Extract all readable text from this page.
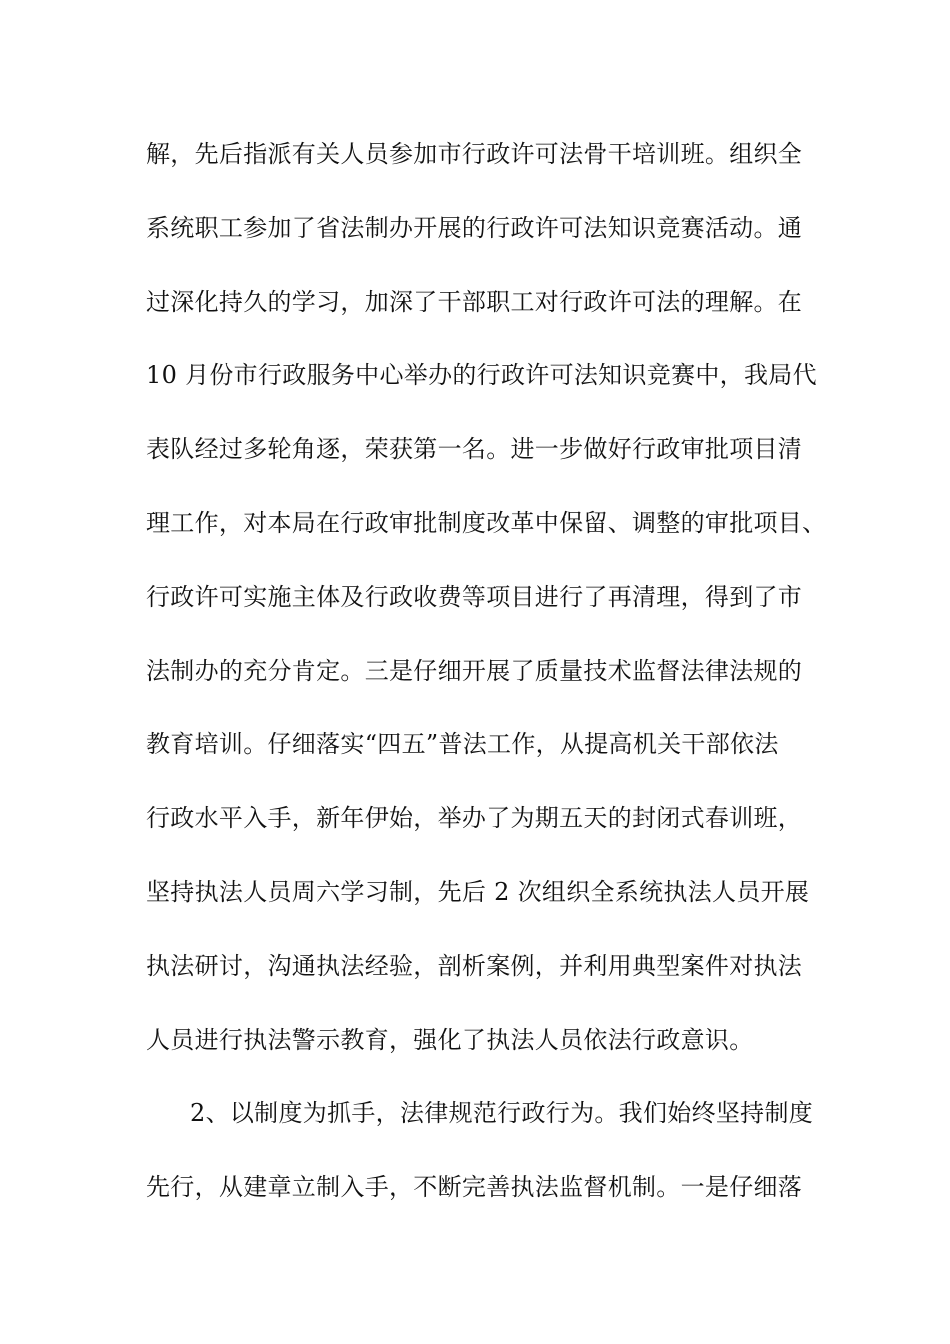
解，先后指派有关人员参加市行政许可法骨干培训班。组织全
系统职工参加了省法制办开展的行政许可法知识竞赛活动。通
过深化持久的学习，加深了干部职工对行政许可法的理解。在
10 月份市行政服务中心举办的行政许可法知识竞赛中，我局代
表队经过多轮角逐，荣获第一名。进一步做好行政审批项目清
理工作，对本局在行政审批制度改革中保留、调整的审批项目、
行政许可实施主体及行政收费等项目进行了再清理，得到了市
法制办的充分肯定。三是仔细开展了质量技术监督法律法规的
教育培训。仔细落实“四五”普法工作，从提高机关干部依法
行政水平入手，新年伊始，举办了为期五天的封闭式春训班，
坚持执法人员周六学习制，先后 2 次组织全系统执法人员开展
执法研讨，沟通执法经验，剖析案例，并利用典型案件对执法
人员进行执法警示教育，强化了执法人员依法行政意识。
2、以制度为抓手，法律规范行政行为。我们始终坚持制度
先行，从建章立制入手，不断完善执法监督机制。一是仔细落
